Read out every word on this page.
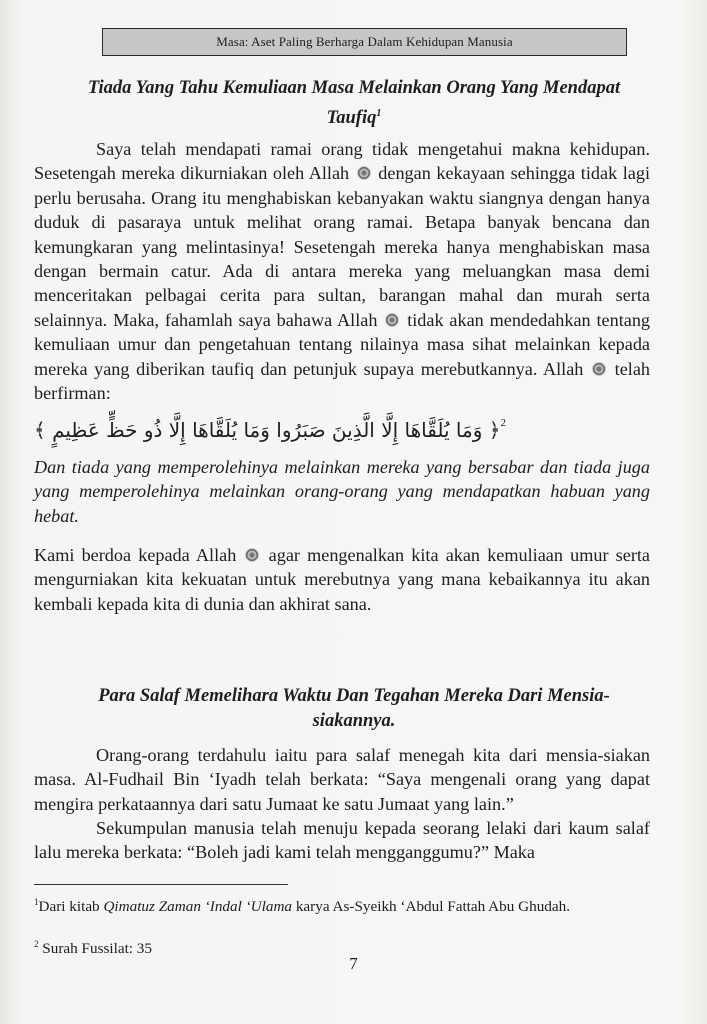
Masa: Aset Paling Berharga Dalam Kehidupan Manusia
Tiada Yang Tahu Kemuliaan Masa Melainkan Orang Yang Mendapat
Taufiq$^1$
Saya telah mendapati ramai orang tidak mengetahui makna kehidupan. Sesetengah mereka dikurniakan oleh Allah dengan kekayaan sehingga tidak lagi perlu berusaha. Orang itu menghabiskan kebanyakan waktu siangnya dengan hanya duduk di pasaraya untuk melihat orang ramai. Betapa banyak bencana dan kemungkaran yang melintasinya! Sesetengah mereka hanya menghabiskan masa dengan bermain catur. Ada di antara mereka yang meluangkan masa demi menceritakan pelbagai cerita para sultan, barangan mahal dan murah serta selainnya. Maka, fahamlah saya bahawa Allah tidak akan mendedahkan tentang kemuliaan umur dan pengetahuan tentang nilainya masa sihat melainkan kepada mereka yang diberikan taufiq dan petunjuk supaya merebutkannya. Allah telah berfirman:
2
﴿ وَمَا يُلَقَّاهَا إِلَّا الَّذِينَ صَبَرُوا وَمَا يُلَقَّاهَا إِلَّا ذُو حَظٍّ عَظِيمٍ ﴾
Dan tiada yang memperolehinya melainkan mereka yang bersabar dan tiada juga yang memperolehinya melainkan orang-orang yang mendapatkan habuan yang hebat.
Kami berdoa kepada Allah agar mengenalkan kita akan kemuliaan umur serta mengurniakan kita kekuatan untuk merebutnya yang mana kebaikannya itu akan kembali kepada kita di dunia dan akhirat sana.
Para Salaf Memelihara Waktu Dan Tegahan Mereka Dari Mensia-
siakannya.
Orang-orang terdahulu iaitu para salaf menegah kita dari mensia-siakan masa. Al-Fudhail Bin ‘Iyadh telah berkata: “Saya mengenali orang yang dapat mengira perkataannya dari satu Jumaat ke satu Jumaat yang lain.”
Sekumpulan manusia telah menuju kepada seorang lelaki dari kaum salaf lalu mereka berkata: “Boleh jadi kami telah mengganggumu?” Maka
$^1$Dari kitab Qimatuz Zaman ‘Indal ‘Ulama karya As-Syeikh ‘Abdul Fattah Abu Ghudah.
$^2$ Surah Fussilat: 35
7
